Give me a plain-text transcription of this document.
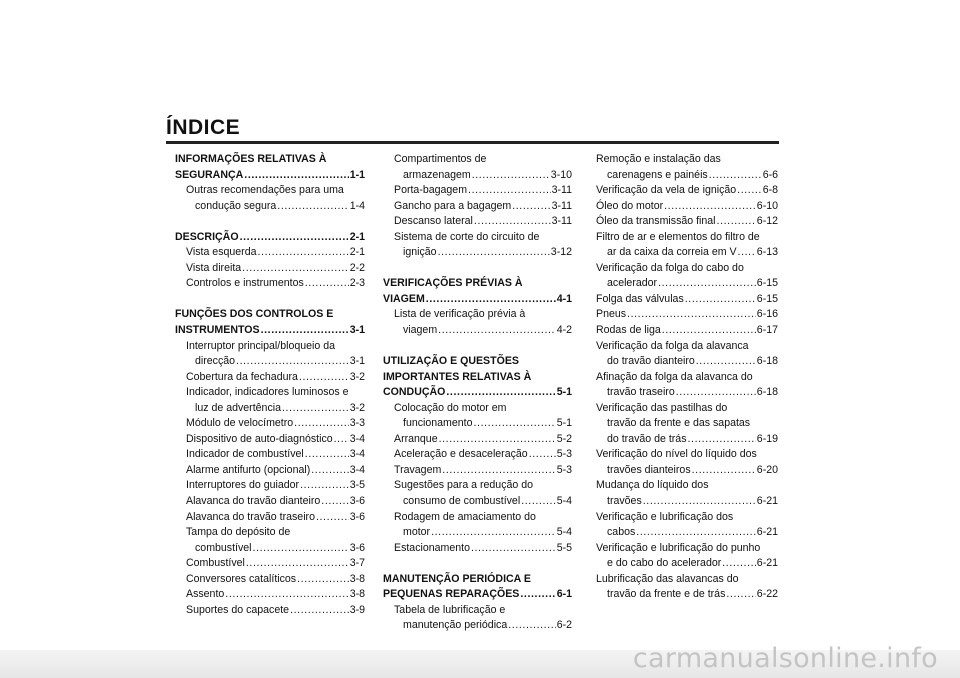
ÍNDICE
INFORMAÇÕES RELATIVAS À
SEGURANÇA .....	1-1
Outras recomendações para uma
condução segura .....	1-4
DESCRIÇÃO .....	2-1
Vista esquerda .....	2-1
Vista direita .....	2-2
Controlos e instrumentos .....	2-3
FUNÇÕES DOS CONTROLOS E
INSTRUMENTOS .....	3-1
Interruptor principal/bloqueio da
direcção .....	3-1
Cobertura da fechadura .....	3-2
Indicador, indicadores luminosos e
luz de advertência .....	3-2
Módulo de velocímetro .....	3-3
Dispositivo de auto-diagnóstico ..... 3-4
Indicador de combustível .....	3-4
Alarme antifurto (opcional) .....	3-4
Interruptores do guiador .....	3-5
Alavanca do travão dianteiro .....	3-6
Alavanca do travão traseiro .....	3-6
Tampa do depósito de
combustível .....	3-6
Combustível .....	3-7
Conversores catalíticos .....	3-8
Assento .....	3-8
Suportes do capacete .....	3-9
Compartimentos de
armazenagem .....	3-10
Porta-bagagem .....	3-11
Gancho para a bagagem .....	3-11
Descanso lateral .....	3-11
Sistema de corte do circuito de
ignição .....	3-12
VERIFICAÇÕES PRÉVIAS À
VIAGEM .....	4-1
Lista de verificação prévia à
viagem .....	4-2
UTILIZAÇÃO E QUESTÕES
IMPORTANTES RELATIVAS À
CONDUÇÃO .....	5-1
Colocação do motor em
funcionamento .....	5-1
Arranque .....	5-2
Aceleração e desaceleração .....	5-3
Travagem .....	5-3
Sugestões para a redução do
consumo de combustível .....	5-4
Rodagem de amaciamento do
motor .....	5-4
Estacionamento .....	5-5
MANUTENÇÃO PERIÓDICA E
PEQUENAS REPARAÇÕES .....	6-1
Tabela de lubrificação e
manutenção periódica .....	6-2
Remoção e instalação das
carenagens e painéis .....	6-6
Verificação da vela de ignição .....	6-8
Óleo do motor .....	6-10
Óleo da transmissão final .....	6-12
Filtro de ar e elementos do filtro de
ar da caixa da correia em V ..... 6-13
Verificação da folga do cabo do
acelerador .....	6-15
Folga das válvulas .....	6-15
Pneus .....	6-16
Rodas de liga .....	6-17
Verificação da folga da alavanca
do travão dianteiro .....	6-18
Afinação da folga da alavanca do
travão traseiro .....	6-18
Verificação das pastilhas do
travão da frente e das sapatas
do travão de trás .....	6-19
Verificação do nível do líquido dos
travões dianteiros .....	6-20
Mudança do líquido dos
travões .....	6-21
Verificação e lubrificação dos
cabos .....	6-21
Verificação e lubrificação do punho
e do cabo do acelerador .....	6-21
Lubrificação das alavancas do
travão da frente e de trás .....	6-22
carmanualsonline.info
